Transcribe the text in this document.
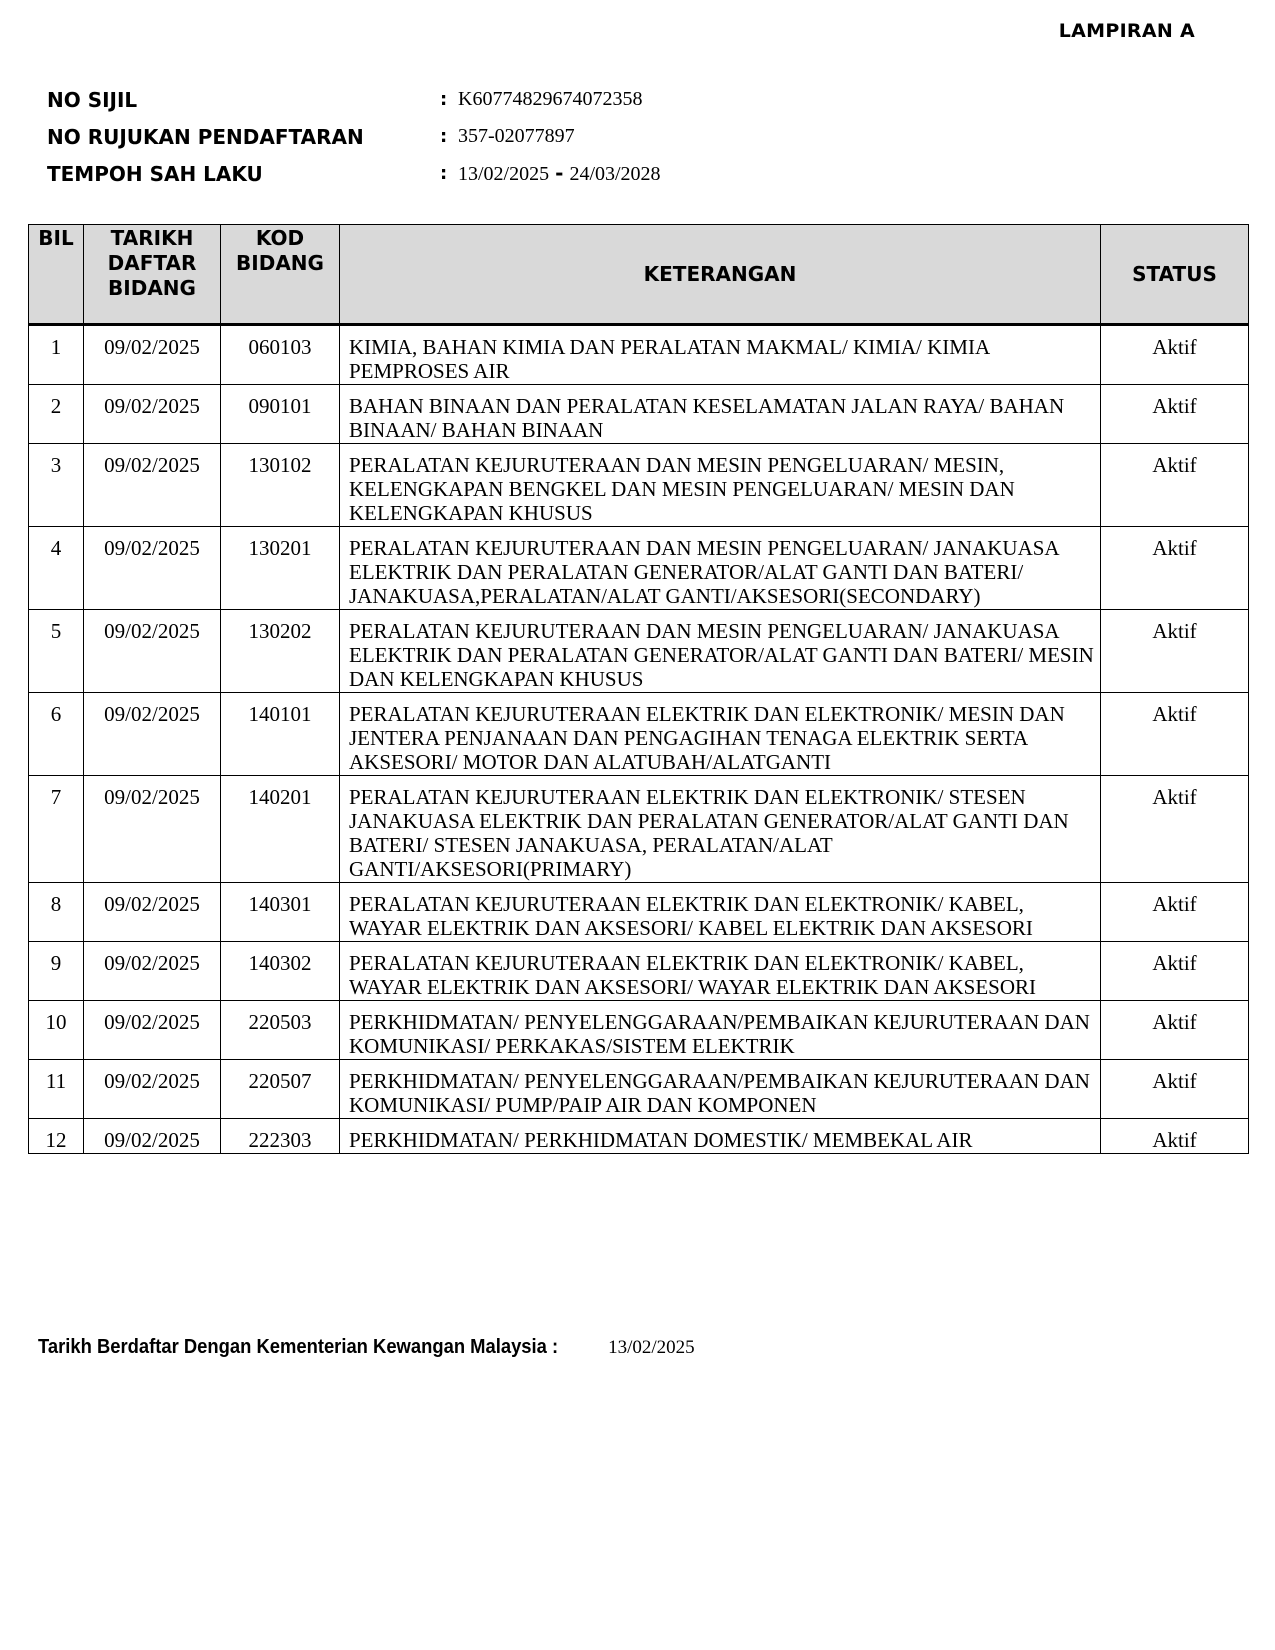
LAMPIRAN A
NO SIJIL	: K60774829674072358
NO RUJUKAN PENDAFTARAN	: 357-02077897
TEMPOH SAH LAKU	: 13/02/2025 - 24/03/2028
BIL	TARIKH DAFTAR BIDANG	KOD BIDANG	KETERANGAN	STATUS
1	09/02/2025	060103	KIMIA, BAHAN KIMIA DAN PERALATAN MAKMAL/ KIMIA/ KIMIA PEMPROSES AIR	Aktif
2	09/02/2025	090101	BAHAN BINAAN DAN PERALATAN KESELAMATAN JALAN RAYA/ BAHAN BINAAN/ BAHAN BINAAN	Aktif
3	09/02/2025	130102	PERALATAN KEJURUTERAAN DAN MESIN PENGELUARAN/ MESIN, KELENGKAPAN BENGKEL DAN MESIN PENGELUARAN/ MESIN DAN KELENGKAPAN KHUSUS	Aktif
4	09/02/2025	130201	PERALATAN KEJURUTERAAN DAN MESIN PENGELUARAN/ JANAKUASA ELEKTRIK DAN PERALATAN GENERATOR/ALAT GANTI DAN BATERI/ JANAKUASA,PERALATAN/ALAT GANTI/AKSESORI(SECONDARY)	Aktif
5	09/02/2025	130202	PERALATAN KEJURUTERAAN DAN MESIN PENGELUARAN/ JANAKUASA ELEKTRIK DAN PERALATAN GENERATOR/ALAT GANTI DAN BATERI/ MESIN DAN KELENGKAPAN KHUSUS	Aktif
6	09/02/2025	140101	PERALATAN KEJURUTERAAN ELEKTRIK DAN ELEKTRONIK/ MESIN DAN JENTERA PENJANAAN DAN PENGAGIHAN TENAGA ELEKTRIK SERTA AKSESORI/ MOTOR DAN ALATUBAH/ALATGANTI	Aktif
7	09/02/2025	140201	PERALATAN KEJURUTERAAN ELEKTRIK DAN ELEKTRONIK/ STESEN JANAKUASA ELEKTRIK DAN PERALATAN GENERATOR/ALAT GANTI DAN BATERI/ STESEN JANAKUASA, PERALATAN/ALAT GANTI/AKSESORI(PRIMARY)	Aktif
8	09/02/2025	140301	PERALATAN KEJURUTERAAN ELEKTRIK DAN ELEKTRONIK/ KABEL, WAYAR ELEKTRIK DAN AKSESORI/ KABEL ELEKTRIK DAN AKSESORI	Aktif
9	09/02/2025	140302	PERALATAN KEJURUTERAAN ELEKTRIK DAN ELEKTRONIK/ KABEL, WAYAR ELEKTRIK DAN AKSESORI/ WAYAR ELEKTRIK DAN AKSESORI	Aktif
10	09/02/2025	220503	PERKHIDMATAN/ PENYELENGGARAAN/PEMBAIKAN KEJURUTERAAN DAN KOMUNIKASI/ PERKAKAS/SISTEM ELEKTRIK	Aktif
11	09/02/2025	220507	PERKHIDMATAN/ PENYELENGGARAAN/PEMBAIKAN KEJURUTERAAN DAN KOMUNIKASI/ PUMP/PAIP AIR DAN KOMPONEN	Aktif
12	09/02/2025	222303	PERKHIDMATAN/ PERKHIDMATAN DOMESTIK/ MEMBEKAL AIR	Aktif
Tarikh Berdaftar Dengan Kementerian Kewangan Malaysia :	13/02/2025
